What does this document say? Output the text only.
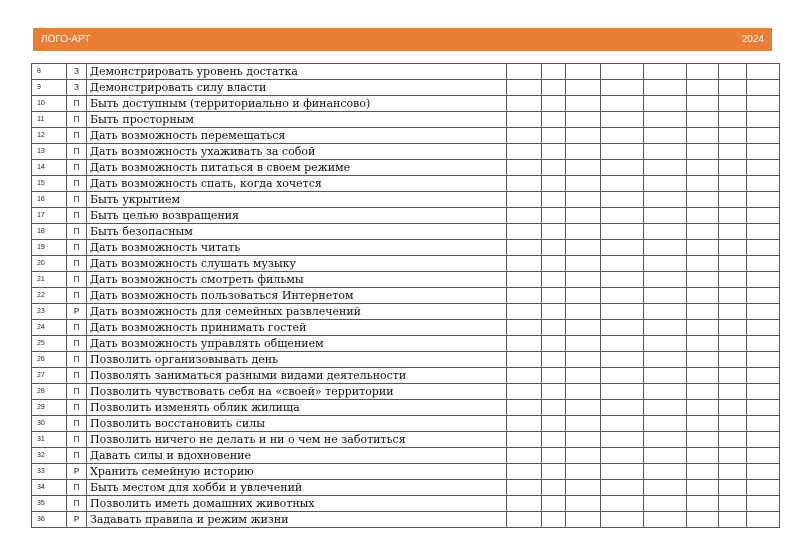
ЛОГО-АРТ	2024
8	З	Демонстрировать уровень достатка								
9	З	Демонстрировать силу власти								
10	П	Быть доступным (территориально и финансово)								
11	П	Быть просторным								
12	П	Дать возможность перемещаться								
13	П	Дать возможность ухаживать за собой								
14	П	Дать возможность питаться в своем режиме								
15	П	Дать возможность спать, когда хочется								
16	П	Быть укрытием								
17	П	Быть целью возвращения								
18	П	Быть безопасным								
19	П	Дать возможность читать								
20	П	Дать возможность слушать музыку								
21	П	Дать возможность смотреть фильмы								
22	П	Дать возможность пользоваться Интернетом								
23	Р	Дать возможность для семейных развлечений								
24	П	Дать возможность принимать гостей								
25	П	Дать возможность управлять общением								
26	П	Позволить организовывать день								
27	П	Позволять заниматься разными видами деятельности								
28	П	Позволить чувствовать себя на «своей» территории								
29	П	Позволить изменять облик жилища								
30	П	Позволить восстановить силы								
31	П	Позволить ничего не делать и ни о чем не заботиться								
32	П	Давать силы и вдохновение								
33	Р	Хранить семейную историю								
34	П	Быть местом для хобби и увлечений								
35	П	Позволить иметь домашних животных								
36	Р	Задавать правила и режим жизни								
